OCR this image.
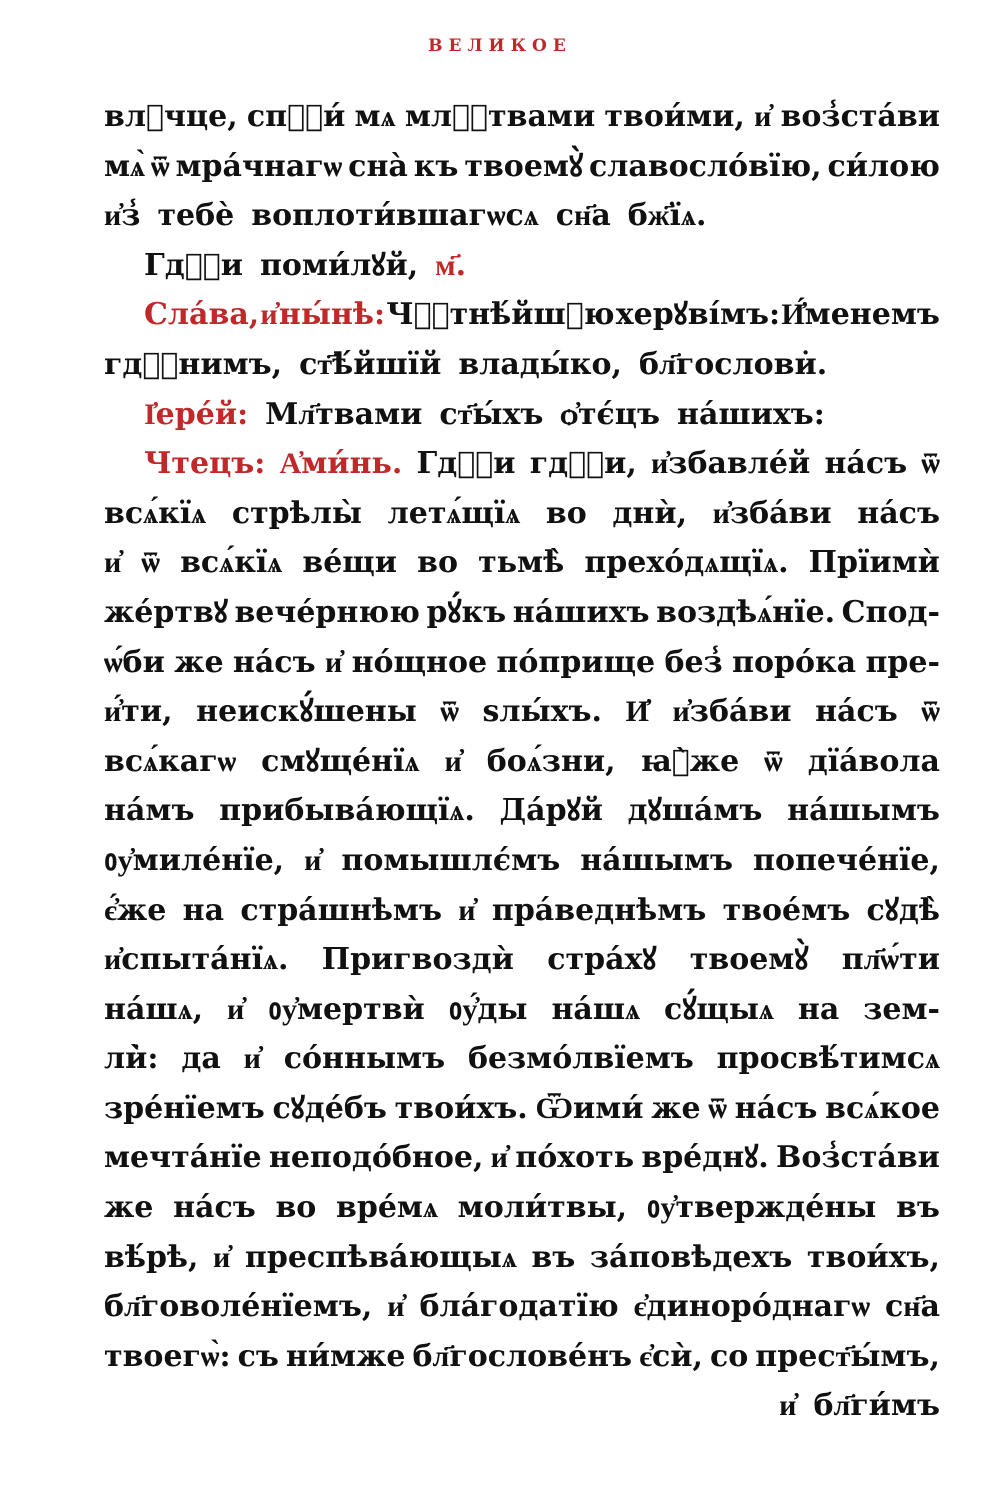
ВЕЛИКОЕ
влⷣчце, спⷭ҇и́ мѧ млⷭ҇твами твои́ми, и҆ воз̾ста́ви
мѧ̀ ѿ мра́чнагѡ сна̀ къ твоемꙋ̀ славосло́вїю, си́лою
и҆з̾ тебѐ воплоти́вшагѡсѧ сн҃а бж҃їѧ.
Гдⷭ҇и поми́лꙋй, м҃.
Сла́ва, и҆ ны́нѣ: Чⷭ҇тнѣ́йшꙋю херꙋві́мъ: И҆́менемъ
гдⷭ҇нимъ, ст҃ѣ́йшїй влады́ко, бл҃гослови̇.
І҆ере́й: Мл҃твами ст҃ы́хъ ѻ҆тє́цъ на́шихъ:
Чтецъ: А҆ми́нь. Гдⷭ҇и гдⷭ҇и, и҆збавле́й на́съ ѿ
всѧ́кїѧ стрѣлы̀ летѧ́щїѧ во днѝ, и҆зба́ви на́съ
и҆ ѿ всѧ́кїѧ ве́щи во тьмѣ̀ прехо́дѧщїѧ. Прїимѝ
же́ртвꙋ вече́рнюю рꙋ́къ на́шихъ воздѣѧ́нїе. Спод-
ѡ́би же на́съ и҆ но́щное по́прище без̾ поро́ка пре-
и҆́ти, неискꙋ́шены ѿ ѕлы́хъ. И҆ и҆зба́ви на́съ ѿ
всѧ́кагѡ смꙋще́нїѧ и҆ боѧ́зни, ꙗ҆̀же ѿ дїа́вола
на́мъ прибыва́ющїѧ. Да́рꙋй дꙋша́мъ на́шымъ
ᲂу҆миле́нїе, и҆ помышлє́мъ на́шымъ попече́нїе,
є҆́же на стра́шнѣмъ и҆ пра́веднѣмъ твое́мъ сꙋдѣ̀
и҆спыта́нїѧ. Пригвоздѝ стра́хꙋ твоемꙋ̀ пл҃ѡ́ти
на́шѧ, и҆ ᲂу҆мертвѝ ᲂу҆́ды на́шѧ сꙋ́щыѧ на зем-
ли̇̀: да и҆ со́ннымъ безмо́лвїемъ просвѣ́тимсѧ
зре́нїемъ сꙋде́бъ твои́хъ. Ѿими́ же ѿ на́съ всѧ́кое
мечта́нїе неподо́бное, и҆ по́хоть вре́днꙋ. Воз̾ста́ви
же на́съ во вре́мѧ моли́твы, ᲂу҆твержде́ны въ
вѣ́рѣ, и҆ преспѣва́ющыѧ въ за́повѣдехъ твои́хъ,
бл҃говоле́нїемъ, и҆ бла́годатїю є҆диноро́днагѡ сн҃а
твоегѡ̀: съ ни́мже бл҃гослове́нъ є҆сѝ, со прест҃ы́мъ,
и҆ бл҃ги́мъ
